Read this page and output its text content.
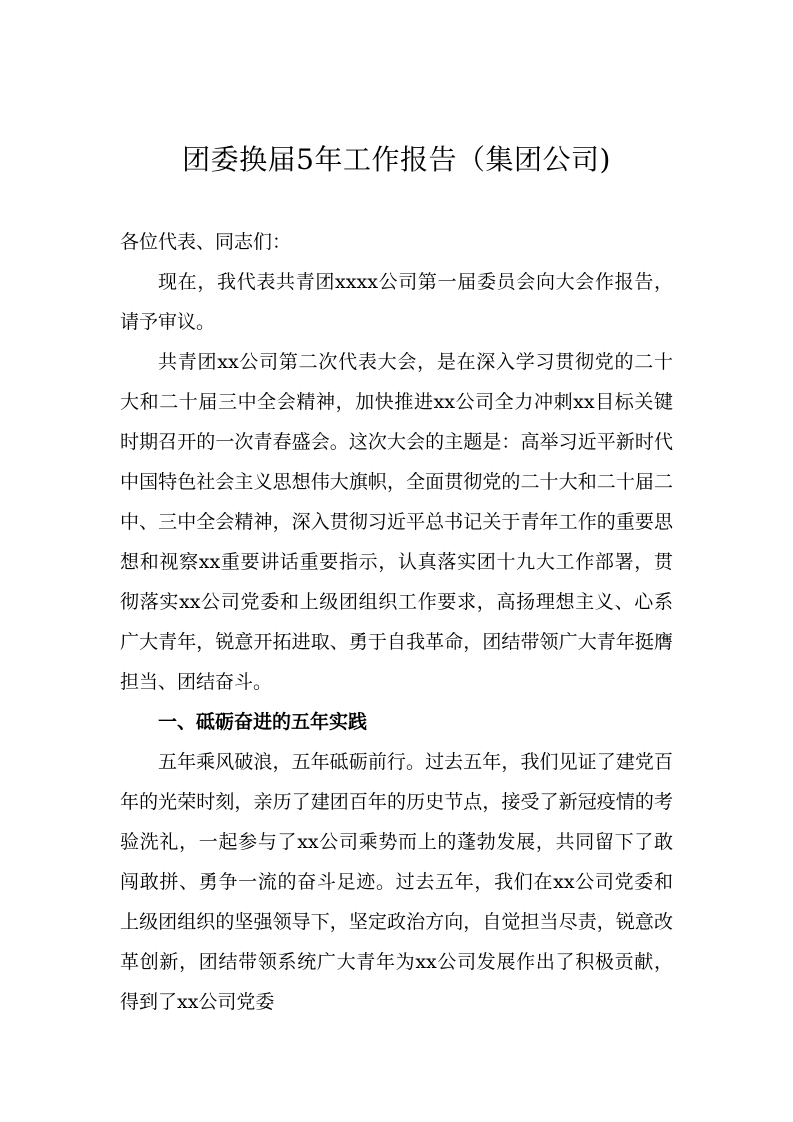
团委换届5年工作报告（集团公司)

各位代表、同志们：

现在，我代表共青团xxxx公司第一届委员会向大会作报告，请予审议。

共青团xx公司第二次代表大会，是在深入学习贯彻党的二十大和二十届三中全会精神，加快推进xx公司全力冲刺xx目标关键时期召开的一次青春盛会。这次大会的主题是：高举习近平新时代中国特色社会主义思想伟大旗帜，全面贯彻党的二十大和二十届二中、三中全会精神，深入贯彻习近平总书记关于青年工作的重要思想和视察xx重要讲话重要指示，认真落实团十九大工作部署，贯彻落实xx公司党委和上级团组织工作要求，高扬理想主义、心系广大青年，锐意开拓进取、勇于自我革命，团结带领广大青年挺膺担当、团结奋斗。

一、砥砺奋进的五年实践

五年乘风破浪，五年砥砺前行。过去五年，我们见证了建党百年的光荣时刻，亲历了建团百年的历史节点，接受了新冠疫情的考验洗礼，一起参与了xx公司乘势而上的蓬勃发展，共同留下了敢闯敢拼、勇争一流的奋斗足迹。过去五年，我们在xx公司党委和上级团组织的坚强领导下，坚定政治方向，自觉担当尽责，锐意改革创新，团结带领系统广大青年为xx公司发展作出了积极贡献，得到了xx公司党委
